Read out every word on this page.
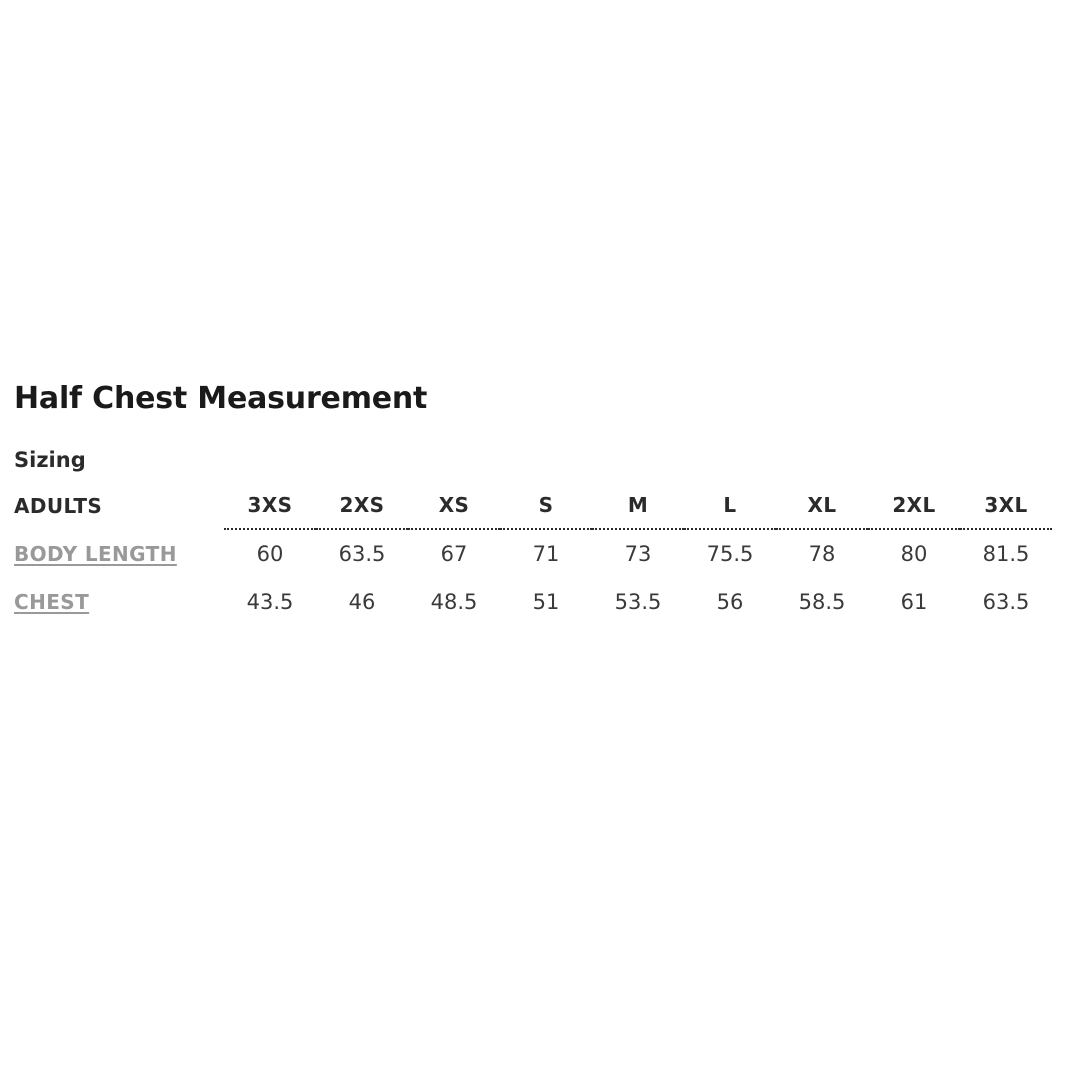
Half Chest Measurement
Sizing
ADULTS	3XS	2XS	XS	S	M	L	XL	2XL	3XL
BODY LENGTH	60	63.5	67	71	73	75.5	78	80	81.5
CHEST	43.5	46	48.5	51	53.5	56	58.5	61	63.5
